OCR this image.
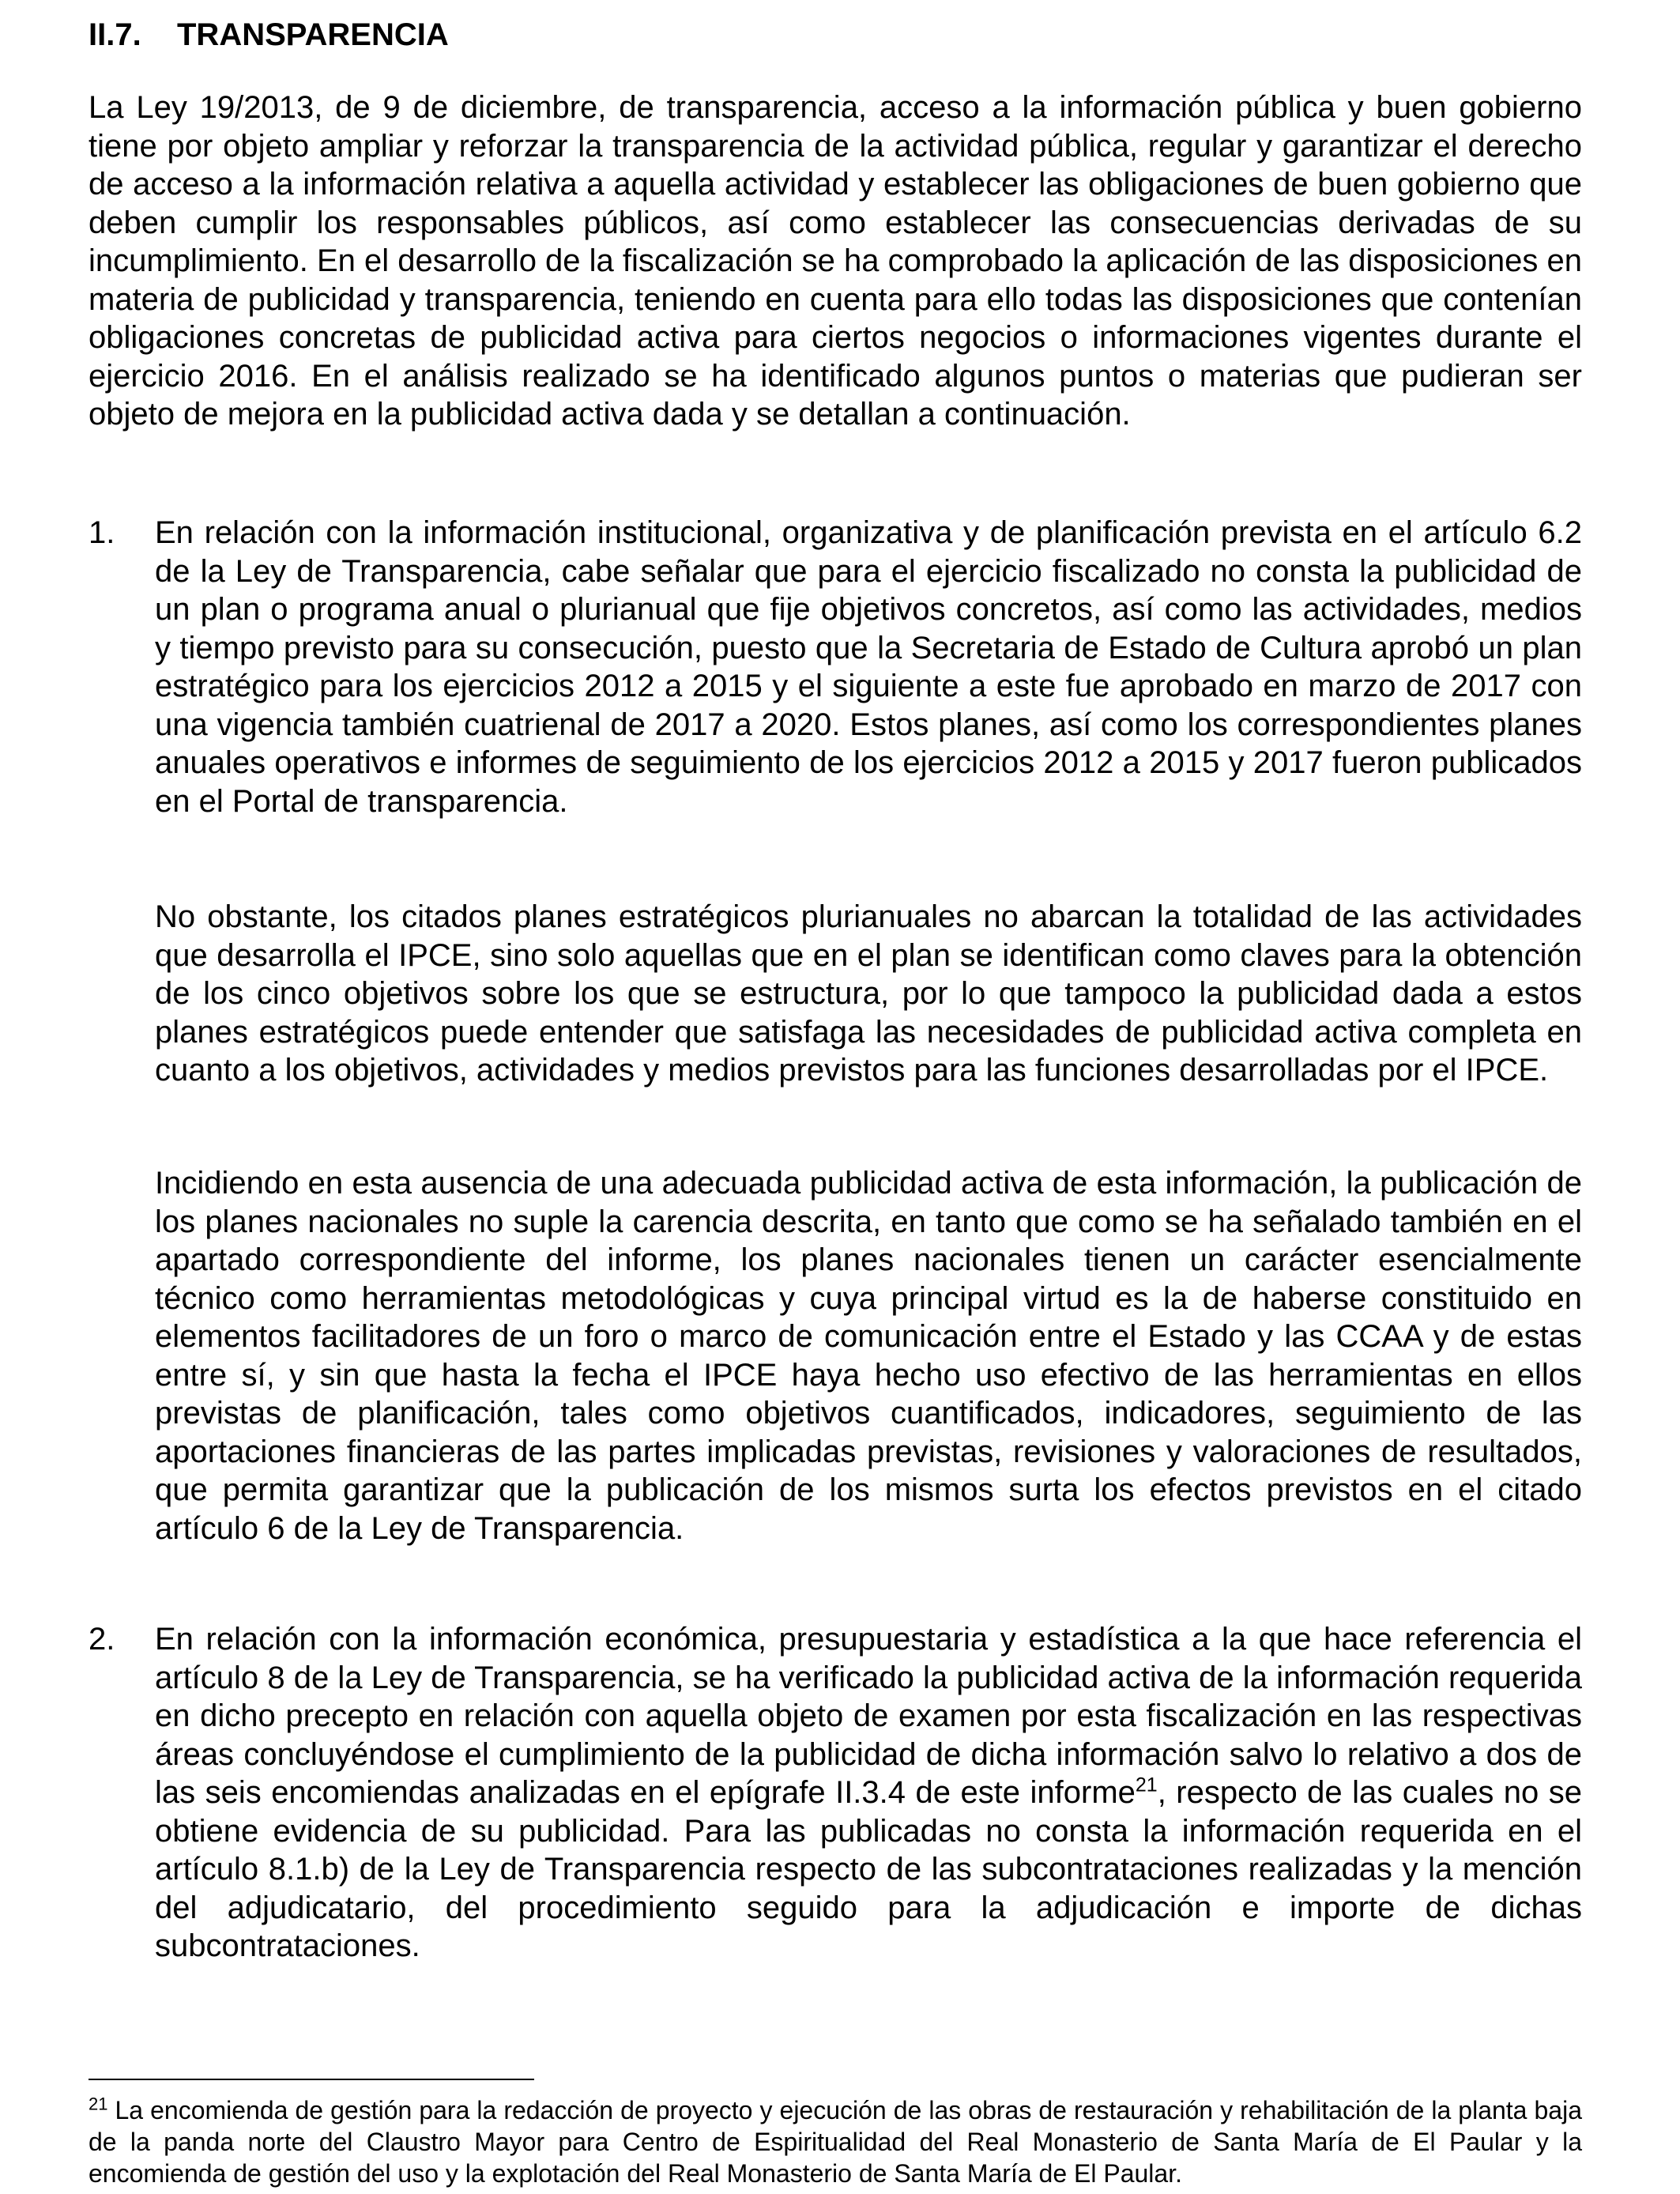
II.7. TRANSPARENCIA

La Ley 19/2013, de 9 de diciembre, de transparencia, acceso a la información pública y buen gobierno tiene por objeto ampliar y reforzar la transparencia de la actividad pública, regular y garantizar el derecho de acceso a la información relativa a aquella actividad y establecer las obligaciones de buen gobierno que deben cumplir los responsables públicos, así como establecer las consecuencias derivadas de su incumplimiento. En el desarrollo de la fiscalización se ha comprobado la aplicación de las disposiciones en materia de publicidad y transparencia, teniendo en cuenta para ello todas las disposiciones que contenían obligaciones concretas de publicidad activa para ciertos negocios o informaciones vigentes durante el ejercicio 2016. En el análisis realizado se ha identificado algunos puntos o materias que pudieran ser objeto de mejora en la publicidad activa dada y se detallan a continuación.

1.	En relación con la información institucional, organizativa y de planificación prevista en el artículo 6.2 de la Ley de Transparencia, cabe señalar que para el ejercicio fiscalizado no consta la publicidad de un plan o programa anual o plurianual que fije objetivos concretos, así como las actividades, medios y tiempo previsto para su consecución, puesto que la Secretaria de Estado de Cultura aprobó un plan estratégico para los ejercicios 2012 a 2015 y el siguiente a este fue aprobado en marzo de 2017 con una vigencia también cuatrienal de 2017 a 2020. Estos planes, así como los correspondientes planes anuales operativos e informes de seguimiento de los ejercicios 2012 a 2015 y 2017 fueron publicados en el Portal de transparencia.

No obstante, los citados planes estratégicos plurianuales no abarcan la totalidad de las actividades que desarrolla el IPCE, sino solo aquellas que en el plan se identifican como claves para la obtención de los cinco objetivos sobre los que se estructura, por lo que tampoco la publicidad dada a estos planes estratégicos puede entender que satisfaga las necesidades de publicidad activa completa en cuanto a los objetivos, actividades y medios previstos para las funciones desarrolladas por el IPCE.

Incidiendo en esta ausencia de una adecuada publicidad activa de esta información, la publicación de los planes nacionales no suple la carencia descrita, en tanto que como se ha señalado también en el apartado correspondiente del informe, los planes nacionales tienen un carácter esencialmente técnico como herramientas metodológicas y cuya principal virtud es la de haberse constituido en elementos facilitadores de un foro o marco de comunicación entre el Estado y las CCAA y de estas entre sí, y sin que hasta la fecha el IPCE haya hecho uso efectivo de las herramientas en ellos previstas de planificación, tales como objetivos cuantificados, indicadores, seguimiento de las aportaciones financieras de las partes implicadas previstas, revisiones y valoraciones de resultados, que permita garantizar que la publicación de los mismos surta los efectos previstos en el citado artículo 6 de la Ley de Transparencia.

2.	En relación con la información económica, presupuestaria y estadística a la que hace referencia el artículo 8 de la Ley de Transparencia, se ha verificado la publicidad activa de la información requerida en dicho precepto en relación con aquella objeto de examen por esta fiscalización en las respectivas áreas concluyéndose el cumplimiento de la publicidad de dicha información salvo lo relativo a dos de las seis encomiendas analizadas en el epígrafe II.3.4 de este informe$^{21}$, respecto de las cuales no se obtiene evidencia de su publicidad. Para las publicadas no consta la información requerida en el artículo 8.1.b) de la Ley de Transparencia respecto de las subcontrataciones realizadas y la mención del adjudicatario, del procedimiento seguido para la adjudicación e importe de dichas subcontrataciones.
$^{21}$ La encomienda de gestión para la redacción de proyecto y ejecución de las obras de restauración y rehabilitación de la planta baja de la panda norte del Claustro Mayor para Centro de Espiritualidad del Real Monasterio de Santa María de El Paular y la encomienda de gestión del uso y la explotación del Real Monasterio de Santa María de El Paular.
